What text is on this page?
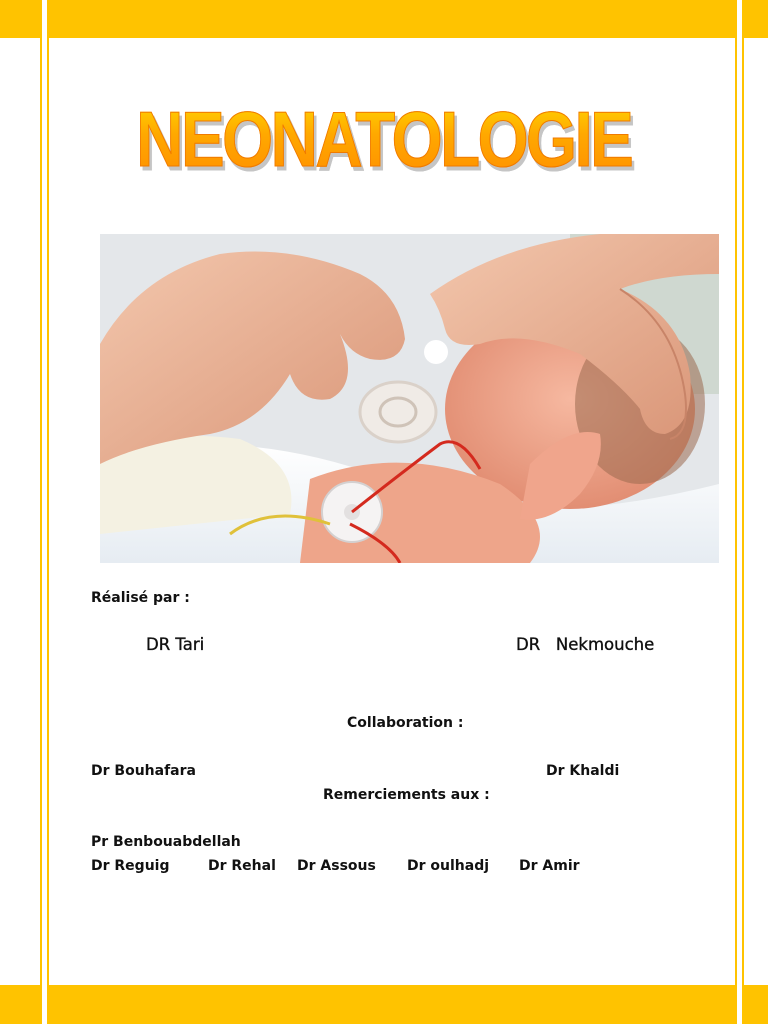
NEONATOLOGIE
Réalisé par :
DR Tari	DR   Nekmouche
Collaboration :
Dr Bouhafara	Dr Khaldi
Remerciements aux :
Pr Benbouabdellah
Dr Reguig	Dr Rehal Dr Assous Dr oulhadj Dr Amir
